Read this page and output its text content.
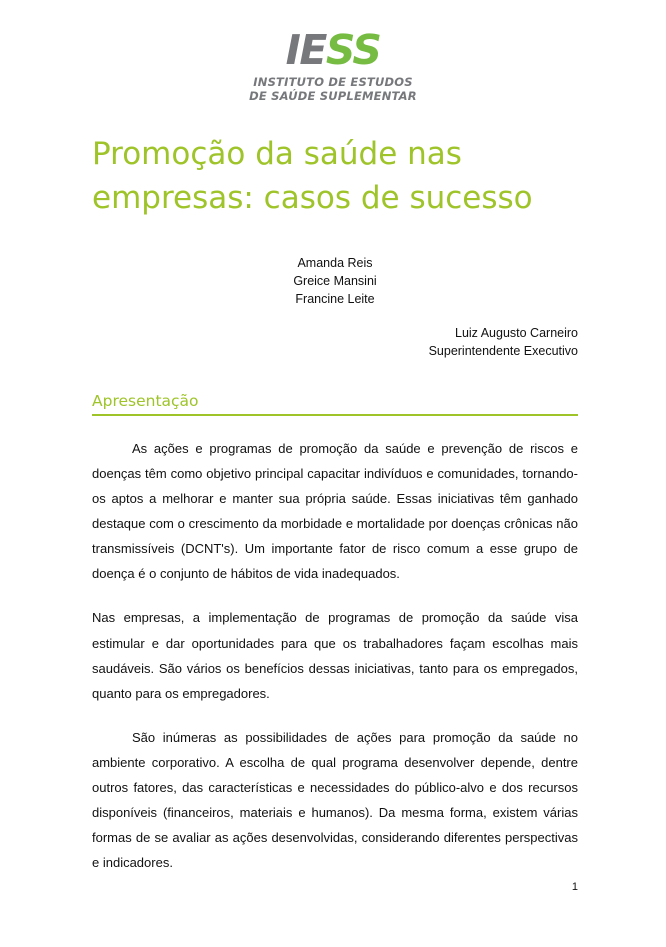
IESS
INSTITUTO DE ESTUDOS
DE SAÚDE SUPLEMENTAR
Promoção da saúde nas
empresas: casos de sucesso
Amanda Reis
Greice Mansini
Francine Leite
Luiz Augusto Carneiro
Superintendente Executivo
Apresentação

As ações e programas de promoção da saúde e prevenção de riscos e doenças têm como objetivo principal capacitar indivíduos e comunidades, tornando-os aptos a melhorar e manter sua própria saúde. Essas iniciativas têm ganhado destaque com o crescimento da morbidade e mortalidade por doenças crônicas não transmissíveis (DCNT's). Um importante fator de risco comum a esse grupo de doença é o conjunto de hábitos de vida inadequados.

Nas empresas, a implementação de programas de promoção da saúde visa estimular e dar oportunidades para que os trabalhadores façam escolhas mais saudáveis. São vários os benefícios dessas iniciativas, tanto para os empregados, quanto para os empregadores.

São inúmeras as possibilidades de ações para promoção da saúde no ambiente corporativo. A escolha de qual programa desenvolver depende, dentre outros fatores, das características e necessidades do público-alvo e dos recursos disponíveis (financeiros, materiais e humanos). Da mesma forma, existem várias formas de se avaliar as ações desenvolvidas, considerando diferentes perspectivas e indicadores.

1
